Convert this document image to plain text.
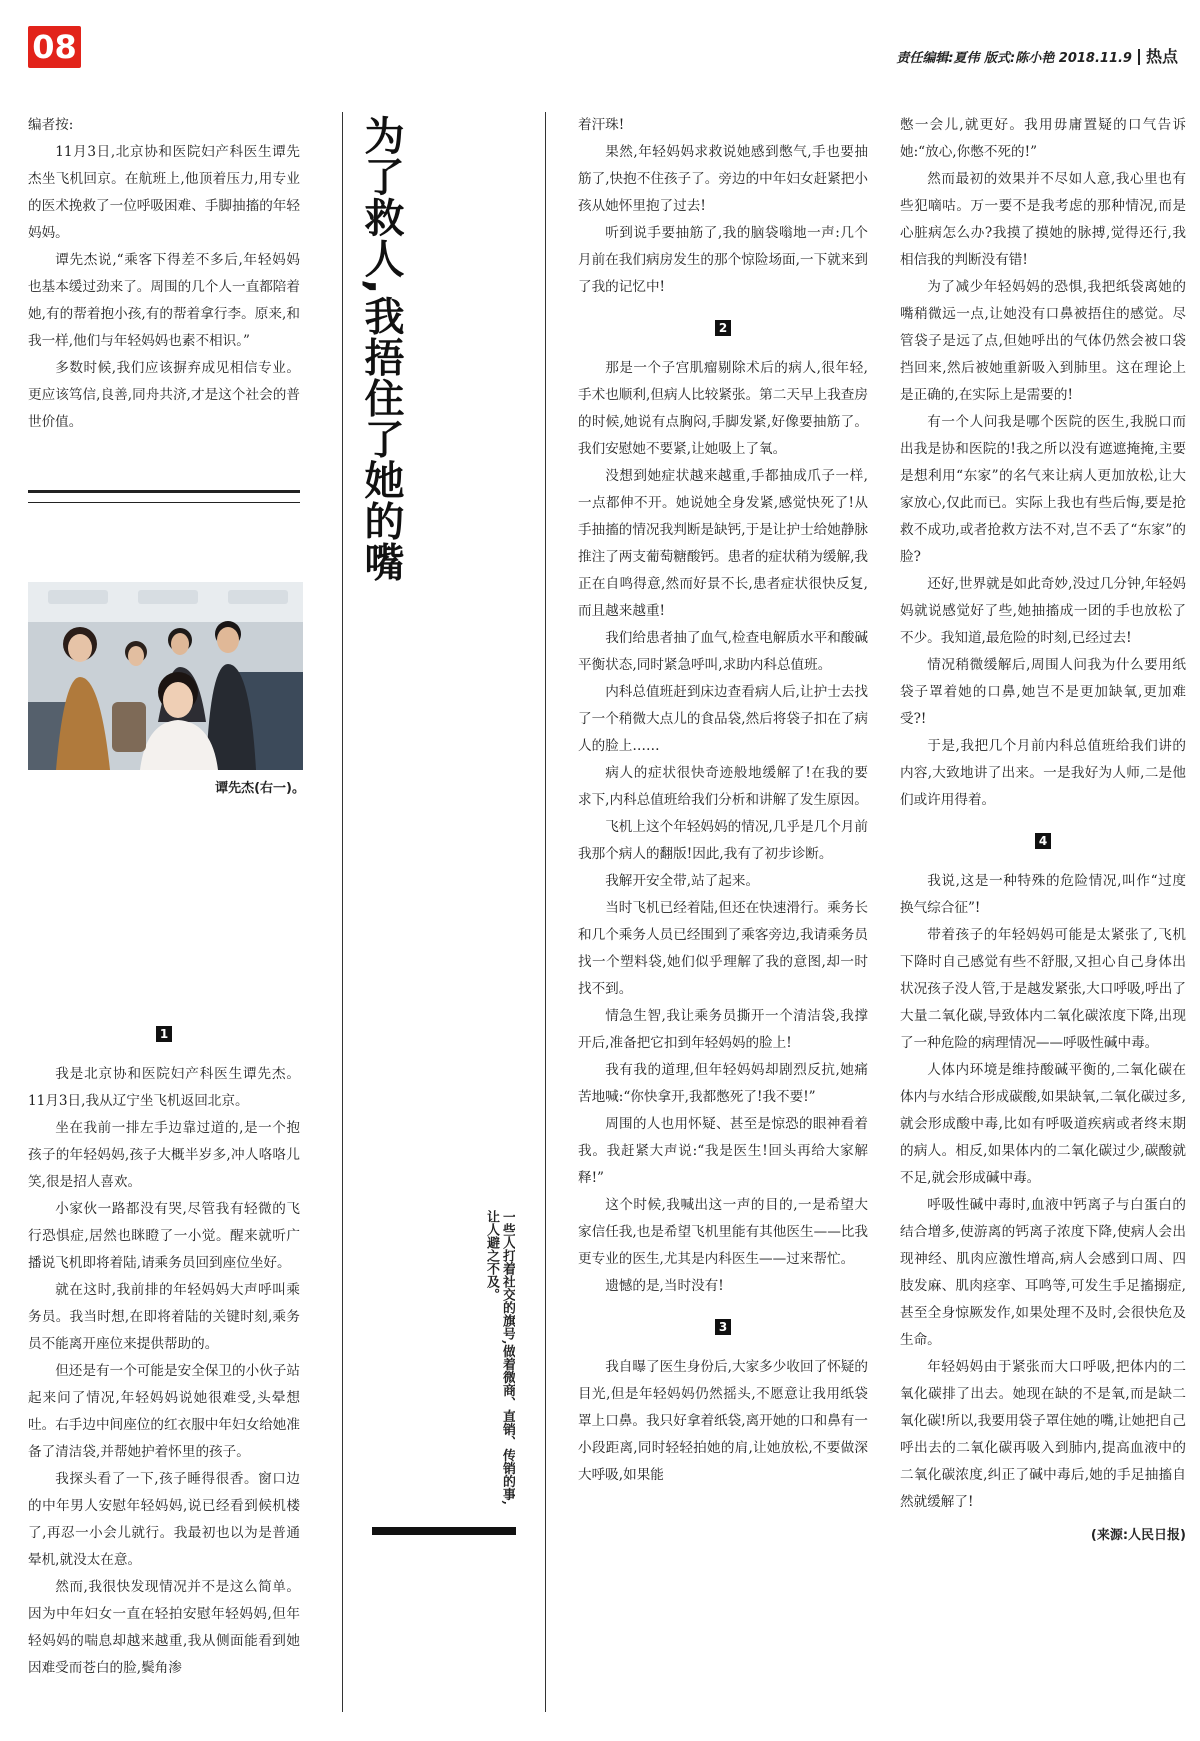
08	责任编辑:夏伟 版式:陈小艳 2018.11.9 热点

编者按:

11月3日,北京协和医院妇产科医生谭先杰坐飞机回京。在航班上,他顶着压力,用专业的医术挽救了一位呼吸困难、手脚抽搐的年轻妈妈。

谭先杰说,“乘客下得差不多后,年轻妈妈也基本缓过劲来了。周围的几个人一直都陪着她,有的帮着抱小孩,有的帮着拿行李。原来,和我一样,他们与年轻妈妈也素不相识。”

多数时候,我们应该摒弃成见相信专业。更应该笃信,良善,同舟共济,才是这个社会的普世价值。

谭先杰(右一)。
1

我是北京协和医院妇产科医生谭先杰。11月3日,我从辽宁坐飞机返回北京。

坐在我前一排左手边靠过道的,是一个抱孩子的年轻妈妈,孩子大概半岁多,冲人咯咯儿笑,很是招人喜欢。

小家伙一路都没有哭,尽管我有轻微的飞行恐惧症,居然也眯瞪了一小觉。醒来就听广播说飞机即将着陆,请乘务员回到座位坐好。

就在这时,我前排的年轻妈妈大声呼叫乘务员。我当时想,在即将着陆的关键时刻,乘务员不能离开座位来提供帮助的。

但还是有一个可能是安全保卫的小伙子站起来问了情况,年轻妈妈说她很难受,头晕想吐。右手边中间座位的红衣服中年妇女给她准备了清洁袋,并帮她护着怀里的孩子。

我探头看了一下,孩子睡得很香。窗口边的中年男人安慰年轻妈妈,说已经看到候机楼了,再忍一小会儿就行。我最初也以为是普通晕机,就没太在意。

然而,我很快发现情况并不是这么简单。因为中年妇女一直在轻拍安慰年轻妈妈,但年轻妈妈的喘息却越来越重,我从侧面能看到她因难受而苍白的脸,鬓角渗

为了救人,我捂住了她的嘴
一些人打着社交的旗号,做着微商、直销、传销的事,让人避之不及。

着汗珠!

果然,年轻妈妈求救说她感到憋气,手也要抽筋了,快抱不住孩子了。旁边的中年妇女赶紧把小孩从她怀里抱了过去!

听到说手要抽筋了,我的脑袋嗡地一声:几个月前在我们病房发生的那个惊险场面,一下就来到了我的记忆中!

2

那是一个子宫肌瘤剔除术后的病人,很年轻,手术也顺利,但病人比较紧张。第二天早上我查房的时候,她说有点胸闷,手脚发紧,好像要抽筋了。我们安慰她不要紧,让她吸上了氧。

没想到她症状越来越重,手都抽成爪子一样,一点都伸不开。她说她全身发紧,感觉快死了!从手抽搐的情况我判断是缺钙,于是让护士给她静脉推注了两支葡萄糖酸钙。患者的症状稍为缓解,我正在自鸣得意,然而好景不长,患者症状很快反复,而且越来越重!

我们给患者抽了血气,检查电解质水平和酸碱平衡状态,同时紧急呼叫,求助内科总值班。

内科总值班赶到床边查看病人后,让护士去找了一个稍微大点儿的食品袋,然后将袋子扣在了病人的脸上……

病人的症状很快奇迹般地缓解了!在我的要求下,内科总值班给我们分析和讲解了发生原因。

飞机上这个年轻妈妈的情况,几乎是几个月前我那个病人的翻版!因此,我有了初步诊断。

我解开安全带,站了起来。

当时飞机已经着陆,但还在快速滑行。乘务长和几个乘务人员已经围到了乘客旁边,我请乘务员找一个塑料袋,她们似乎理解了我的意图,却一时找不到。

情急生智,我让乘务员撕开一个清洁袋,我撑开后,准备把它扣到年轻妈妈的脸上!

我有我的道理,但年轻妈妈却剧烈反抗,她痛苦地喊:“你快拿开,我都憋死了!我不要!”

周围的人也用怀疑、甚至是惊恐的眼神看着我。我赶紧大声说:“我是医生!回头再给大家解释!”

这个时候,我喊出这一声的目的,一是希望大家信任我,也是希望飞机里能有其他医生——比我更专业的医生,尤其是内科医生——过来帮忙。

遗憾的是,当时没有!

3

我自曝了医生身份后,大家多少收回了怀疑的目光,但是年轻妈妈仍然摇头,不愿意让我用纸袋罩上口鼻。我只好拿着纸袋,离开她的口和鼻有一小段距离,同时轻轻拍她的肩,让她放松,不要做深大呼吸,如果能

憋一会儿,就更好。我用毋庸置疑的口气告诉她:“放心,你憋不死的!”

然而最初的效果并不尽如人意,我心里也有些犯嘀咕。万一要不是我考虑的那种情况,而是心脏病怎么办?我摸了摸她的脉搏,觉得还行,我相信我的判断没有错!

为了减少年轻妈妈的恐惧,我把纸袋离她的嘴稍微远一点,让她没有口鼻被捂住的感觉。尽管袋子是远了点,但她呼出的气体仍然会被口袋挡回来,然后被她重新吸入到肺里。这在理论上是正确的,在实际上是需要的!

有一个人问我是哪个医院的医生,我脱口而出我是协和医院的!我之所以没有遮遮掩掩,主要是想利用“东家”的名气来让病人更加放松,让大家放心,仅此而已。实际上我也有些后悔,要是抢救不成功,或者抢救方法不对,岂不丢了“东家”的脸?

还好,世界就是如此奇妙,没过几分钟,年轻妈妈就说感觉好了些,她抽搐成一团的手也放松了不少。我知道,最危险的时刻,已经过去!

情况稍微缓解后,周围人问我为什么要用纸袋子罩着她的口鼻,她岂不是更加缺氧,更加难受?!

于是,我把几个月前内科总值班给我们讲的内容,大致地讲了出来。一是我好为人师,二是他们或许用得着。

4

我说,这是一种特殊的危险情况,叫作“过度换气综合征”!

带着孩子的年轻妈妈可能是太紧张了,飞机下降时自己感觉有些不舒服,又担心自己身体出状况孩子没人管,于是越发紧张,大口呼吸,呼出了大量二氧化碳,导致体内二氧化碳浓度下降,出现了一种危险的病理情况——呼吸性碱中毒。

人体内环境是维持酸碱平衡的,二氧化碳在体内与水结合形成碳酸,如果缺氧,二氧化碳过多,就会形成酸中毒,比如有呼吸道疾病或者终末期的病人。相反,如果体内的二氧化碳过少,碳酸就不足,就会形成碱中毒。

呼吸性碱中毒时,血液中钙离子与白蛋白的结合增多,使游离的钙离子浓度下降,使病人会出现神经、肌肉应激性增高,病人会感到口周、四肢发麻、肌肉痉挛、耳鸣等,可发生手足搐搦症,甚至全身惊厥发作,如果处理不及时,会很快危及生命。

年轻妈妈由于紧张而大口呼吸,把体内的二氧化碳排了出去。她现在缺的不是氧,而是缺二氧化碳!所以,我要用袋子罩住她的嘴,让她把自己呼出去的二氧化碳再吸入到肺内,提高血液中的二氧化碳浓度,纠正了碱中毒后,她的手足抽搐自然就缓解了!

(来源:人民日报)
